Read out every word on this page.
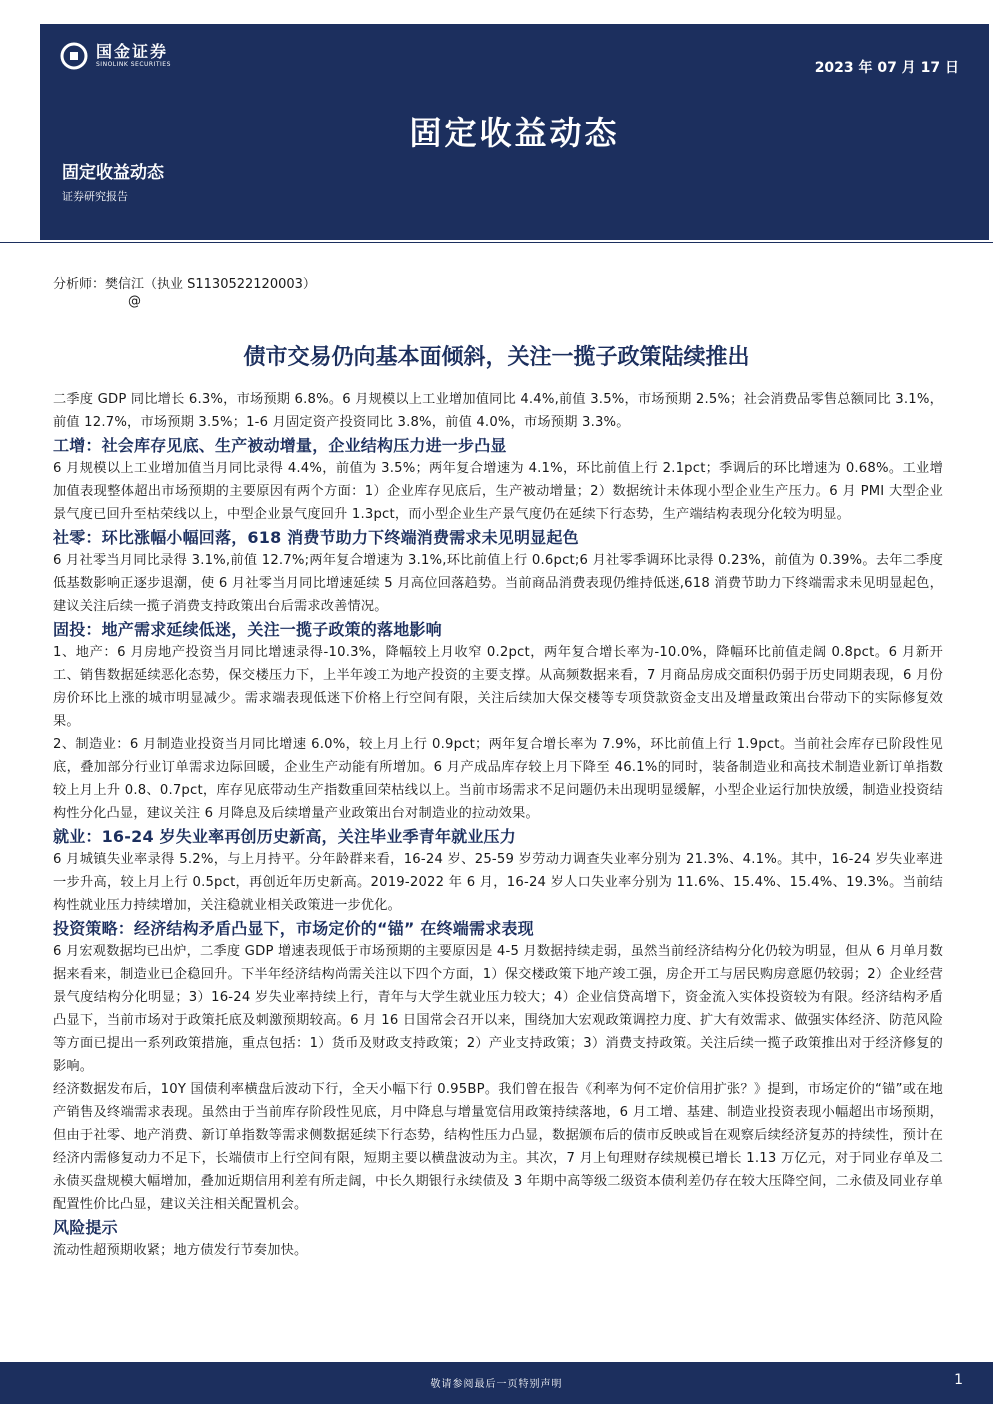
国金证券
SINOLINK SECURITIES	2023 年 07 月 17 日
固定收益动态
固定收益动态
证券研究报告
分析师：樊信江（执业 S1130522120003）
@
债市交易仍向基本面倾斜，关注一揽子政策陆续推出

二季度 GDP 同比增长 6.3%，市场预期 6.8%。6 月规模以上工业增加值同比 4.4%,前值 3.5%，市场预期 2.5%；社会消费品零售总额同比 3.1%，前值 12.7%，市场预期 3.5%；1-6 月固定资产投资同比 3.8%，前值 4.0%，市场预期 3.3%。

工增：社会库存见底、生产被动增量，企业结构压力进一步凸显

6 月规模以上工业增加值当月同比录得 4.4%，前值为 3.5%；两年复合增速为 4.1%，环比前值上行 2.1pct；季调后的环比增速为 0.68%。工业增加值表现整体超出市场预期的主要原因有两个方面：1）企业库存见底后，生产被动增量；2）数据统计未体现小型企业生产压力。6 月 PMI 大型企业景气度已回升至枯荣线以上，中型企业景气度回升 1.3pct，而小型企业生产景气度仍在延续下行态势，生产端结构表现分化较为明显。

社零：环比涨幅小幅回落，618 消费节助力下终端消费需求未见明显起色

6 月社零当月同比录得 3.1%,前值 12.7%;两年复合增速为 3.1%,环比前值上行 0.6pct;6 月社零季调环比录得 0.23%，前值为 0.39%。去年二季度低基数影响正逐步退潮，使 6 月社零当月同比增速延续 5 月高位回落趋势。当前商品消费表现仍维持低迷,618 消费节助力下终端需求未见明显起色，建议关注后续一揽子消费支持政策出台后需求改善情况。

固投：地产需求延续低迷，关注一揽子政策的落地影响

1、地产：6 月房地产投资当月同比增速录得-10.3%，降幅较上月收窄 0.2pct，两年复合增长率为-10.0%，降幅环比前值走阔 0.8pct。6 月新开工、销售数据延续恶化态势，保交楼压力下，上半年竣工为地产投资的主要支撑。从高频数据来看，7 月商品房成交面积仍弱于历史同期表现，6 月份房价环比上涨的城市明显减少。需求端表现低迷下价格上行空间有限，关注后续加大保交楼等专项贷款资金支出及增量政策出台带动下的实际修复效果。

2、制造业：6 月制造业投资当月同比增速 6.0%，较上月上行 0.9pct；两年复合增长率为 7.9%，环比前值上行 1.9pct。当前社会库存已阶段性见底，叠加部分行业订单需求边际回暖，企业生产动能有所增加。6 月产成品库存较上月下降至 46.1%的同时，装备制造业和高技术制造业新订单指数较上月上升 0.8、0.7pct，库存见底带动生产指数重回荣枯线以上。当前市场需求不足问题仍未出现明显缓解，小型企业运行加快放缓，制造业投资结构性分化凸显，建议关注 6 月降息及后续增量产业政策出台对制造业的拉动效果。

就业：16-24 岁失业率再创历史新高，关注毕业季青年就业压力

6 月城镇失业率录得 5.2%，与上月持平。分年龄群来看，16-24 岁、25-59 岁劳动力调查失业率分别为 21.3%、4.1%。其中，16-24 岁失业率进一步升高，较上月上行 0.5pct，再创近年历史新高。2019-2022 年 6 月，16-24 岁人口失业率分别为 11.6%、15.4%、15.4%、19.3%。当前结构性就业压力持续增加，关注稳就业相关政策进一步优化。

投资策略：经济结构矛盾凸显下，市场定价的“锚” 在终端需求表现

6 月宏观数据均已出炉，二季度 GDP 增速表现低于市场预期的主要原因是 4-5 月数据持续走弱，虽然当前经济结构分化仍较为明显，但从 6 月单月数据来看来，制造业已企稳回升。下半年经济结构尚需关注以下四个方面，1）保交楼政策下地产竣工强，房企开工与居民购房意愿仍较弱；2）企业经营景气度结构分化明显；3）16-24 岁失业率持续上行，青年与大学生就业压力较大；4）企业信贷高增下，资金流入实体投资较为有限。经济结构矛盾凸显下，当前市场对于政策托底及刺激预期较高。6 月 16 日国常会召开以来，围绕加大宏观政策调控力度、扩大有效需求、做强实体经济、防范风险等方面已提出一系列政策措施，重点包括：1）货币及财政支持政策；2）产业支持政策；3）消费支持政策。关注后续一揽子政策推出对于经济修复的影响。

经济数据发布后，10Y 国债利率横盘后波动下行，全天小幅下行 0.95BP。我们曾在报告《利率为何不定价信用扩张？》提到，市场定价的“锚”或在地产销售及终端需求表现。虽然由于当前库存阶段性见底，月中降息与增量宽信用政策持续落地，6 月工增、基建、制造业投资表现小幅超出市场预期，但由于社零、地产消费、新订单指数等需求侧数据延续下行态势，结构性压力凸显，数据颁布后的债市反映或旨在观察后续经济复苏的持续性，预计在经济内需修复动力不足下，长端债市上行空间有限，短期主要以横盘波动为主。其次，7 月上旬理财存续规模已增长 1.13 万亿元，对于同业存单及二永债买盘规模大幅增加，叠加近期信用利差有所走阔，中长久期银行永续债及 3 年期中高等级二级资本债利差仍存在较大压降空间，二永债及同业存单配置性价比凸显，建议关注相关配置机会。

风险提示

流动性超预期收紧；地方债发行节奏加快。

敬请参阅最后一页特别声明	1
